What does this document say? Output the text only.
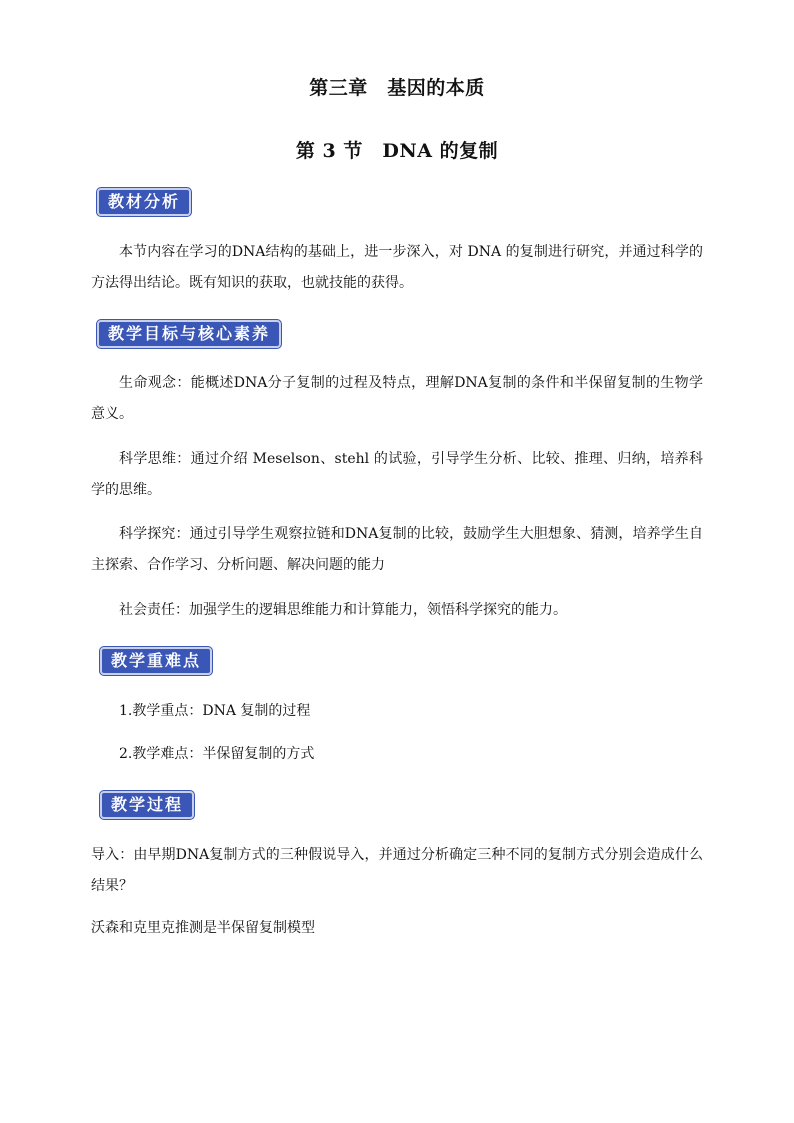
第三章　基因的本质
第 3 节　DNA 的复制
教材分析

本节内容在学习的DNA结构的基础上，进一步深入，对 DNA 的复制进行研究，并通过科学的方法得出结论。既有知识的获取，也就技能的获得。

教学目标与核心素养

生命观念：能概述DNA分子复制的过程及特点，理解DNA复制的条件和半保留复制的生物学意义。

科学思维：通过介绍 Meselson、stehl 的试验，引导学生分析、比较、推理、归纳，培养科学的思维。

科学探究：通过引导学生观察拉链和DNA复制的比较，鼓励学生大胆想象、猜测，培养学生自主探索、合作学习、分析问题、解决问题的能力

社会责任：加强学生的逻辑思维能力和计算能力，领悟科学探究的能力。

教学重难点

1.教学重点：DNA 复制的过程

2.教学难点：半保留复制的方式

教学过程

导入：由早期DNA复制方式的三种假说导入，并通过分析确定三种不同的复制方式分别会造成什么结果？

沃森和克里克推测是半保留复制模型
